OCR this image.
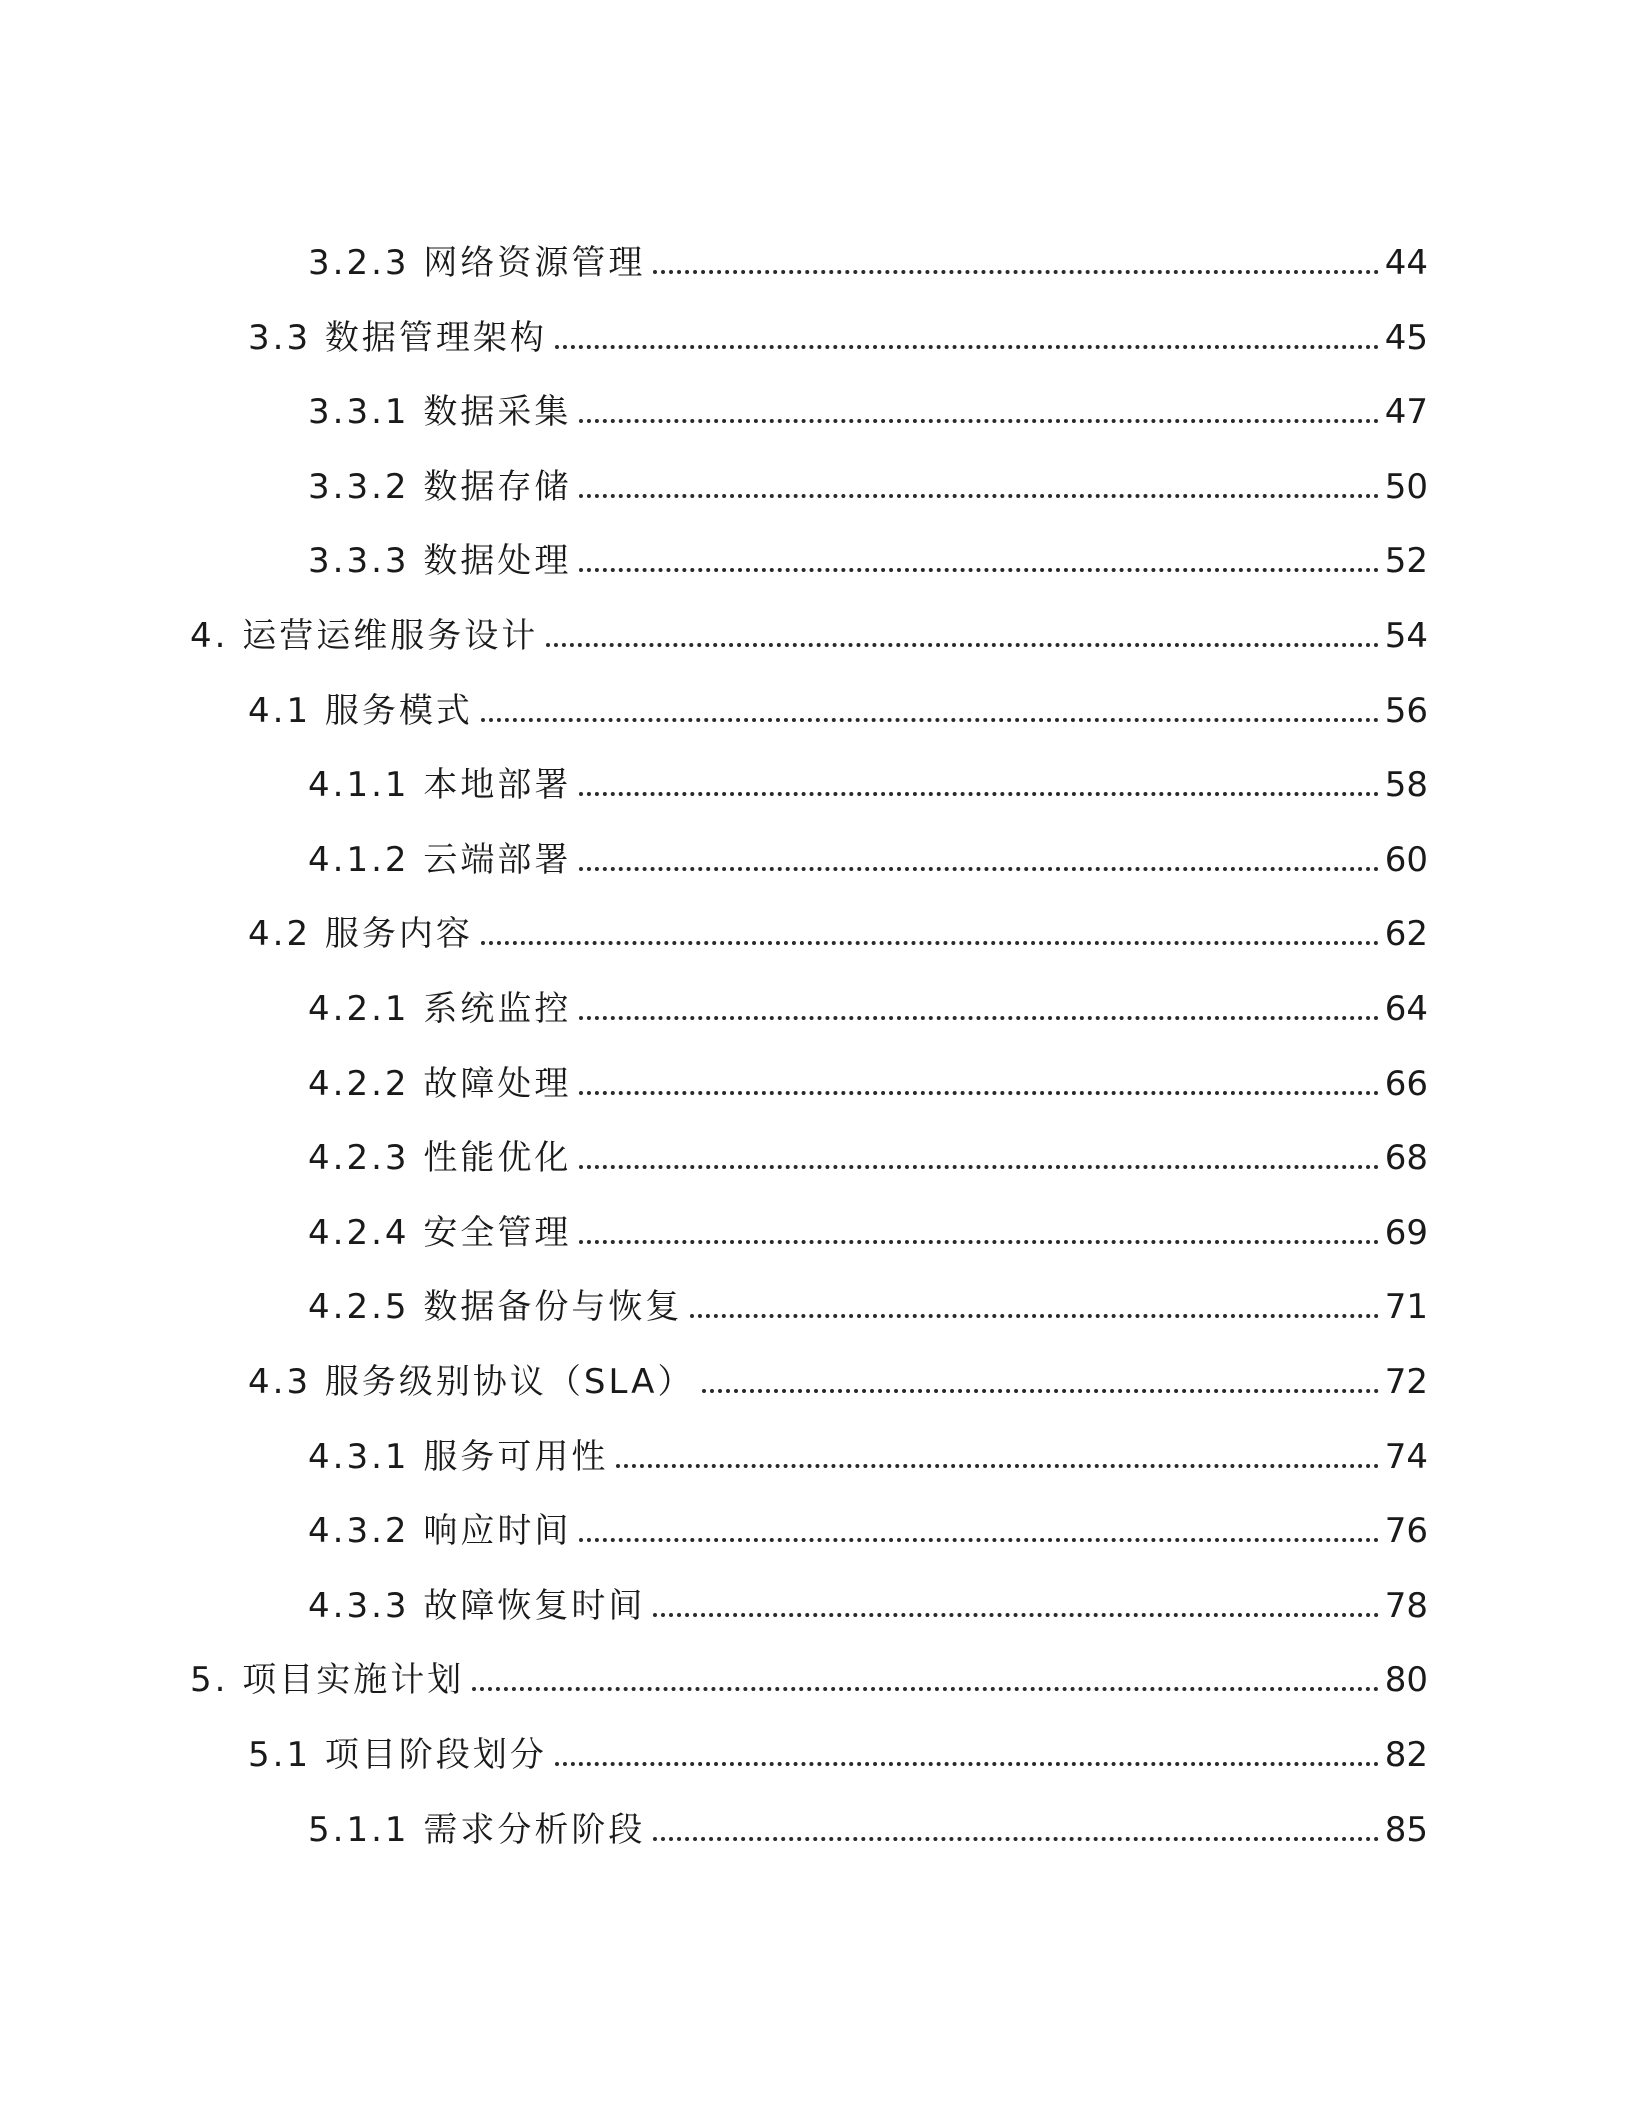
3.2.3 网络资源管理	44
3.3 数据管理架构	45
3.3.1 数据采集	47
3.3.2 数据存储	50
3.3.3 数据处理	52
4. 运营运维服务设计	54
4.1 服务模式	56
4.1.1 本地部署	58
4.1.2 云端部署	60
4.2 服务内容	62
4.2.1 系统监控	64
4.2.2 故障处理	66
4.2.3 性能优化	68
4.2.4 安全管理	69
4.2.5 数据备份与恢复	71
4.3 服务级别协议（SLA）	72
4.3.1 服务可用性	74
4.3.2 响应时间	76
4.3.3 故障恢复时间	78
5. 项目实施计划	80
5.1 项目阶段划分	82
5.1.1 需求分析阶段	85
